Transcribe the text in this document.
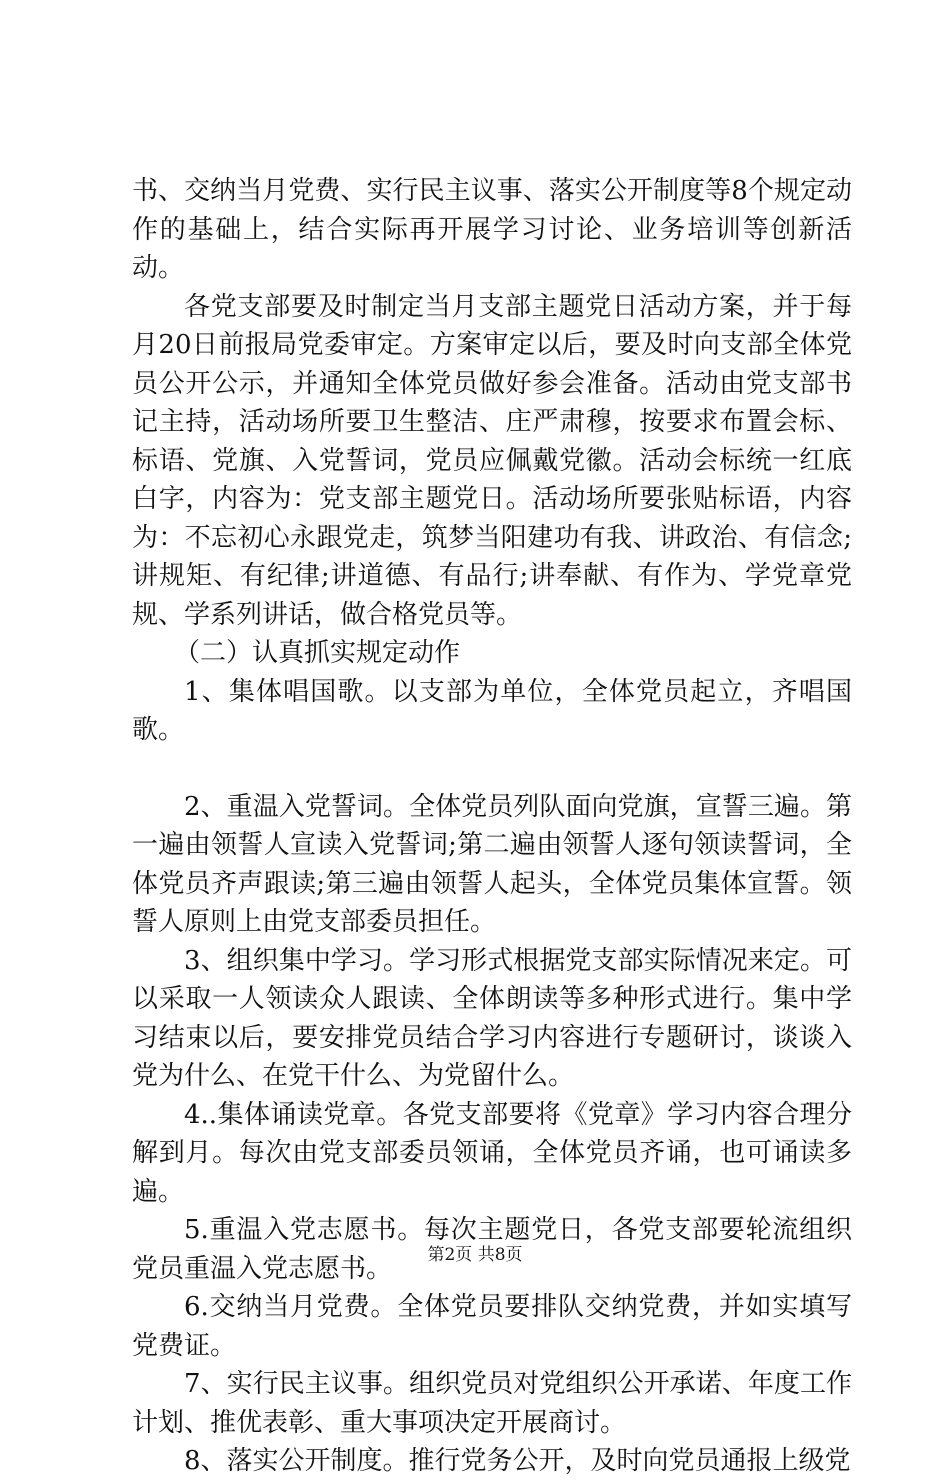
书、交纳当月党费、实行民主议事、落实公开制度等8个规定动作的基础上，结合实际再开展学习讨论、业务培训等创新活动。

各党支部要及时制定当月支部主题党日活动方案，并于每月20日前报局党委审定。方案审定以后，要及时向支部全体党员公开公示，并通知全体党员做好参会准备。活动由党支部书记主持，活动场所要卫生整洁、庄严肃穆，按要求布置会标、标语、党旗、入党誓词，党员应佩戴党徽。活动会标统一红底白字，内容为：党支部主题党日。活动场所要张贴标语，内容为：不忘初心永跟党走，筑梦当阳建功有我、讲政治、有信念;讲规矩、有纪律;讲道德、有品行;讲奉献、有作为、学党章党规、学系列讲话，做合格党员等。

（二）认真抓实规定动作

1、集体唱国歌。以支部为单位，全体党员起立，齐唱国歌。

2、重温入党誓词。全体党员列队面向党旗，宣誓三遍。第一遍由领誓人宣读入党誓词;第二遍由领誓人逐句领读誓词，全体党员齐声跟读;第三遍由领誓人起头，全体党员集体宣誓。领誓人原则上由党支部委员担任。

3、组织集中学习。学习形式根据党支部实际情况来定。可以采取一人领读众人跟读、全体朗读等多种形式进行。集中学习结束以后，要安排党员结合学习内容进行专题研讨，谈谈入党为什么、在党干什么、为党留什么。

4..集体诵读党章。各党支部要将《党章》学习内容合理分解到月。每次由党支部委员领诵，全体党员齐诵，也可诵读多遍。

5.重温入党志愿书。每次主题党日，各党支部要轮流组织党员重温入党志愿书。

6.交纳当月党费。全体党员要排队交纳党费，并如实填写党费证。

7、实行民主议事。组织党员对党组织公开承诺、年度工作计划、推优表彰、重大事项决定开展商讨。

8、落实公开制度。推行党务公开，及时向党员通报上级党

第2页 共8页
